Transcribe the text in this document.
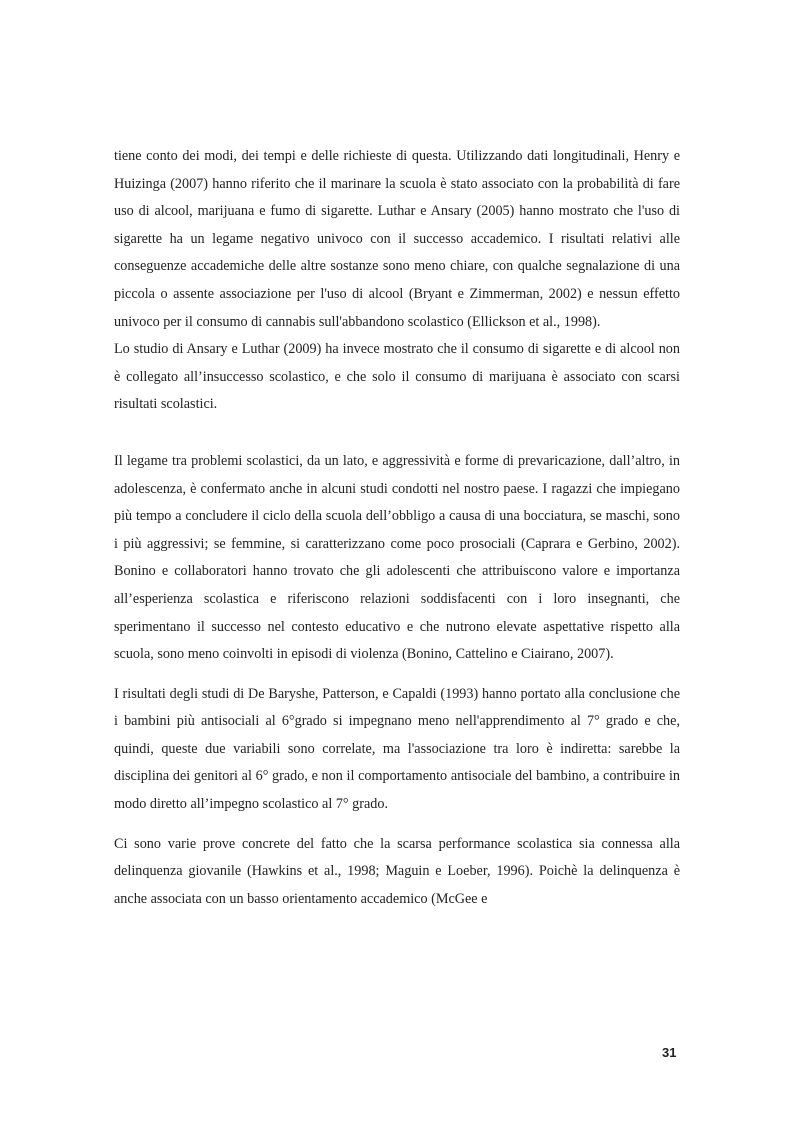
tiene conto dei modi, dei tempi e delle richieste di questa. Utilizzando dati longitudinali, Henry e Huizinga (2007) hanno riferito che il marinare la scuola è stato associato con la probabilità di fare uso di alcool, marijuana e fumo di sigarette. Luthar e Ansary (2005) hanno mostrato che l'uso di sigarette ha un legame negativo univoco con il successo accademico. I risultati relativi alle conseguenze accademiche delle altre sostanze sono meno chiare, con qualche segnalazione di una piccola o assente associazione per l'uso di alcool (Bryant e Zimmerman, 2002) e nessun effetto univoco per il consumo di cannabis sull'abbandono scolastico (Ellickson et al., 1998).

Lo studio di Ansary e Luthar (2009) ha invece mostrato che il consumo di sigarette e di alcool non è collegato all’insuccesso scolastico, e che solo il consumo di marijuana è associato con scarsi risultati scolastici.

Il legame tra problemi scolastici, da un lato, e aggressività e forme di prevaricazione, dall’altro, in adolescenza, è confermato anche in alcuni studi condotti nel nostro paese. I ragazzi che impiegano più tempo a concludere il ciclo della scuola dell’obbligo a causa di una bocciatura, se maschi, sono i più aggressivi; se femmine, si caratterizzano come poco prosociali (Caprara e Gerbino, 2002). Bonino e collaboratori hanno trovato che gli adolescenti che attribuiscono valore e importanza all’esperienza scolastica e riferiscono relazioni soddisfacenti con i loro insegnanti, che sperimentano il successo nel contesto educativo e che nutrono elevate aspettative rispetto alla scuola, sono meno coinvolti in episodi di violenza (Bonino, Cattelino e Ciairano, 2007).

I risultati degli studi di De Baryshe, Patterson, e Capaldi (1993) hanno portato alla conclusione che i bambini più antisociali al 6°grado si impegnano meno nell'apprendimento al 7° grado e che, quindi, queste due variabili sono correlate, ma l'associazione tra loro è indiretta: sarebbe la disciplina dei genitori al 6° grado, e non il comportamento antisociale del bambino, a contribuire in modo diretto all’impegno scolastico al 7° grado.

Ci sono varie prove concrete del fatto che la scarsa performance scolastica sia connessa alla delinquenza giovanile (Hawkins et al., 1998; Maguin e Loeber, 1996). Poichè la delinquenza è anche associata con un basso orientamento accademico (McGee e

31
